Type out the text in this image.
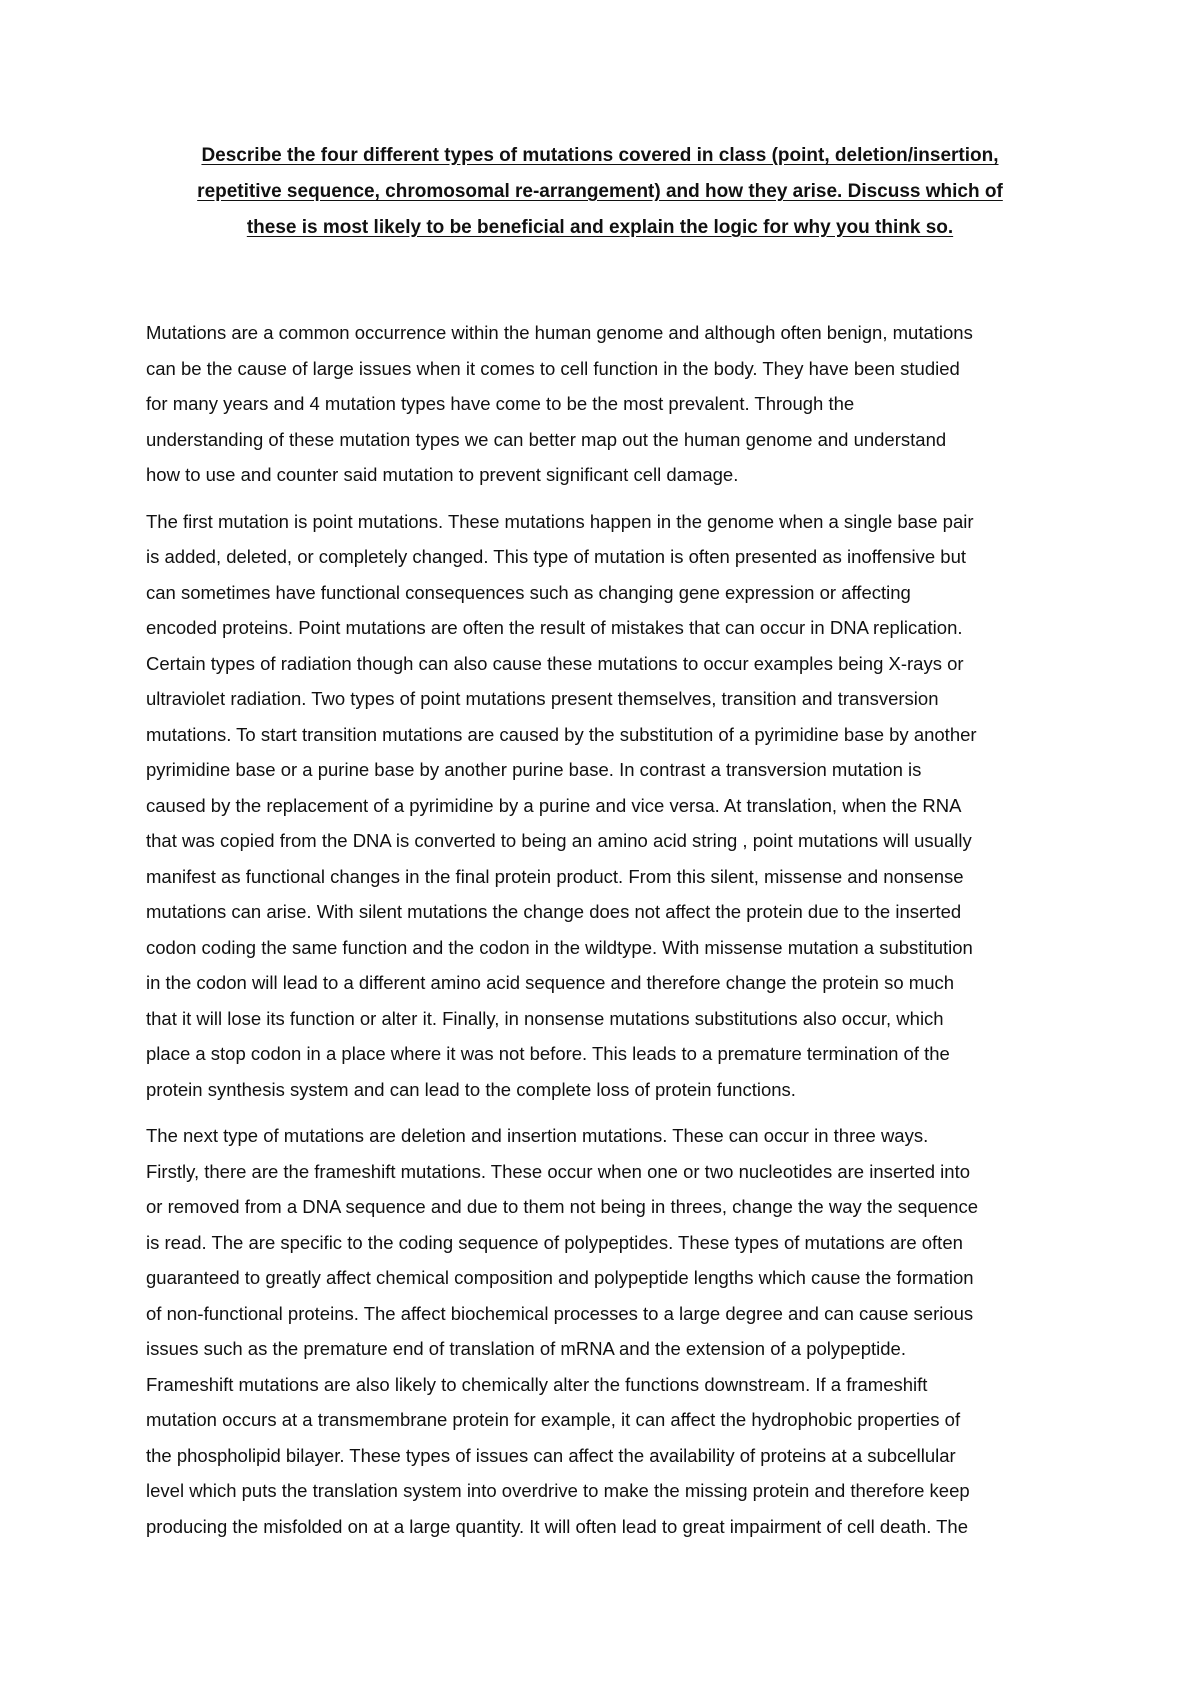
Describe the four different types of mutations covered in class (point, deletion/insertion,
repetitive sequence, chromosomal re-arrangement) and how they arise. Discuss which of
these is most likely to be beneficial and explain the logic for why you think so.

Mutations are a common occurrence within the human genome and although often benign, mutations
can be the cause of large issues when it comes to cell function in the body. They have been studied
for many years and 4 mutation types have come to be the most prevalent. Through the
understanding of these mutation types we can better map out the human genome and understand
how to use and counter said mutation to prevent significant cell damage.

The first mutation is point mutations. These mutations happen in the genome when a single base pair
is added, deleted, or completely changed. This type of mutation is often presented as inoffensive but
can sometimes have functional consequences such as changing gene expression or affecting
encoded proteins. Point mutations are often the result of mistakes that can occur in DNA replication.
Certain types of radiation though can also cause these mutations to occur examples being X-rays or
ultraviolet radiation. Two types of point mutations present themselves, transition and transversion
mutations. To start transition mutations are caused by the substitution of a pyrimidine base by another
pyrimidine base or a purine base by another purine base. In contrast a transversion mutation is
caused by the replacement of a pyrimidine by a purine and vice versa. At translation, when the RNA
that was copied from the DNA is converted to being an amino acid string , point mutations will usually
manifest as functional changes in the final protein product. From this silent, missense and nonsense
mutations can arise. With silent mutations the change does not affect the protein due to the inserted
codon coding the same function and the codon in the wildtype. With missense mutation a substitution
in the codon will lead to a different amino acid sequence and therefore change the protein so much
that it will lose its function or alter it. Finally, in nonsense mutations substitutions also occur, which
place a stop codon in a place where it was not before. This leads to a premature termination of the
protein synthesis system and can lead to the complete loss of protein functions.

The next type of mutations are deletion and insertion mutations. These can occur in three ways.
Firstly, there are the frameshift mutations. These occur when one or two nucleotides are inserted into
or removed from a DNA sequence and due to them not being in threes, change the way the sequence
is read. The are specific to the coding sequence of polypeptides. These types of mutations are often
guaranteed to greatly affect chemical composition and polypeptide lengths which cause the formation
of non-functional proteins. The affect biochemical processes to a large degree and can cause serious
issues such as the premature end of translation of mRNA and the extension of a polypeptide.
Frameshift mutations are also likely to chemically alter the functions downstream. If a frameshift
mutation occurs at a transmembrane protein for example, it can affect the hydrophobic properties of
the phospholipid bilayer. These types of issues can affect the availability of proteins at a subcellular
level which puts the translation system into overdrive to make the missing protein and therefore keep
producing the misfolded on at a large quantity. It will often lead to great impairment of cell death. The
